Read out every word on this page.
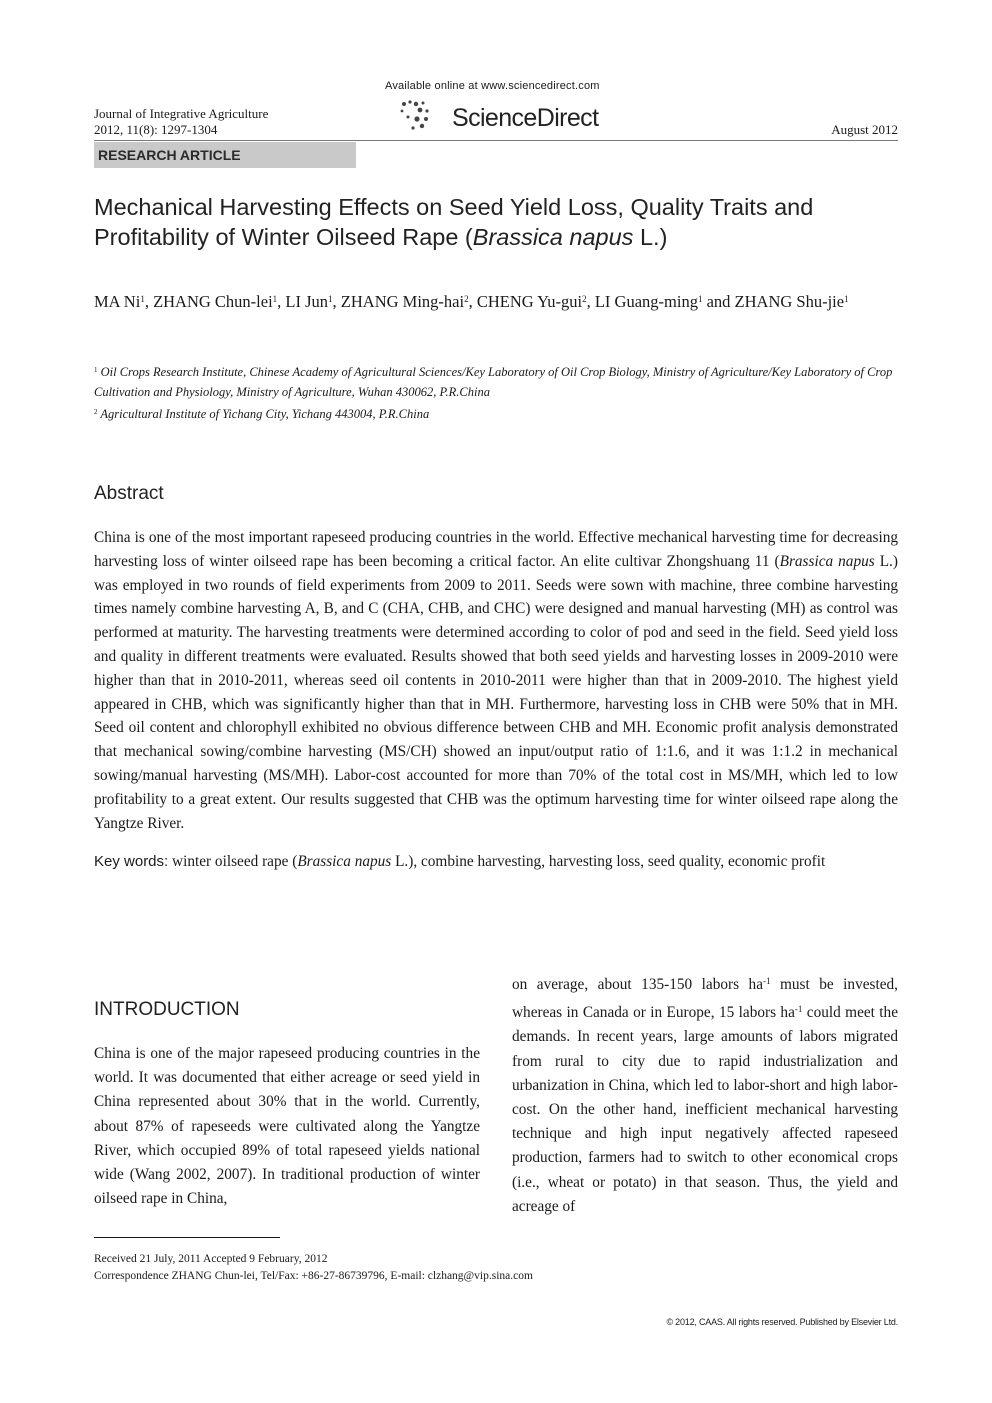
Journal of Integrative Agriculture
2012, 11(8): 1297-1304
Available online at www.sciencedirect.com
ScienceDirect	August 2012
RESEARCH ARTICLE
Mechanical Harvesting Effects on Seed Yield Loss, Quality Traits and Profitability of Winter Oilseed Rape (Brassica napus L.)
MA Ni$^1$, ZHANG Chun-lei$^1$, LI Jun$^1$, ZHANG Ming-hai$^2$, CHENG Yu-gui$^2$, LI Guang-ming$^1$ and ZHANG Shu-jie$^1$
$^1$ Oil Crops Research Institute, Chinese Academy of Agricultural Sciences/Key Laboratory of Oil Crop Biology, Ministry of Agriculture/Key Laboratory of Crop Cultivation and Physiology, Ministry of Agriculture, Wuhan 430062, P.R.China
$^2$ Agricultural Institute of Yichang City, Yichang 443004, P.R.China
Abstract
China is one of the most important rapeseed producing countries in the world. Effective mechanical harvesting time for decreasing harvesting loss of winter oilseed rape has been becoming a critical factor. An elite cultivar Zhongshuang 11 (Brassica napus L.) was employed in two rounds of field experiments from 2009 to 2011. Seeds were sown with machine, three combine harvesting times namely combine harvesting A, B, and C (CHA, CHB, and CHC) were designed and manual harvesting (MH) as control was performed at maturity. The harvesting treatments were determined according to color of pod and seed in the field. Seed yield loss and quality in different treatments were evaluated. Results showed that both seed yields and harvesting losses in 2009-2010 were higher than that in 2010-2011, whereas seed oil contents in 2010-2011 were higher than that in 2009-2010. The highest yield appeared in CHB, which was significantly higher than that in MH. Furthermore, harvesting loss in CHB were 50% that in MH. Seed oil content and chlorophyll exhibited no obvious difference between CHB and MH. Economic profit analysis demonstrated that mechanical sowing/combine harvesting (MS/CH) showed an input/output ratio of 1:1.6, and it was 1:1.2 in mechanical sowing/manual harvesting (MS/MH). Labor-cost accounted for more than 70% of the total cost in MS/MH, which led to low profitability to a great extent. Our results suggested that CHB was the optimum harvesting time for winter oilseed rape along the Yangtze River.
Key words: winter oilseed rape (Brassica napus L.), combine harvesting, harvesting loss, seed quality, economic profit
INTRODUCTION
China is one of the major rapeseed producing countries in the world. It was documented that either acreage or seed yield in China represented about 30% that in the world. Currently, about 87% of rapeseeds were cultivated along the Yangtze River, which occupied 89% of total rapeseed yields national wide (Wang 2002, 2007). In traditional production of winter oilseed rape in China,
on average, about 135-150 labors $ha^{-1}$ must be invested, whereas in Canada or in Europe, 15 labors $ha^{-1}$ could meet the demands. In recent years, large amounts of labors migrated from rural to city due to rapid industrialization and urbanization in China, which led to labor-short and high labor-cost. On the other hand, inefficient mechanical harvesting technique and high input negatively affected rapeseed production, farmers had to switch to other economical crops (i.e., wheat or potato) in that season. Thus, the yield and acreage of
Received 21 July, 2011 Accepted 9 February, 2012
Correspondence ZHANG Chun-lei, Tel/Fax: +86-27-86739796, E-mail: clzhang@vip.sina.com
© 2012, CAAS. All rights reserved. Published by Elsevier Ltd.
